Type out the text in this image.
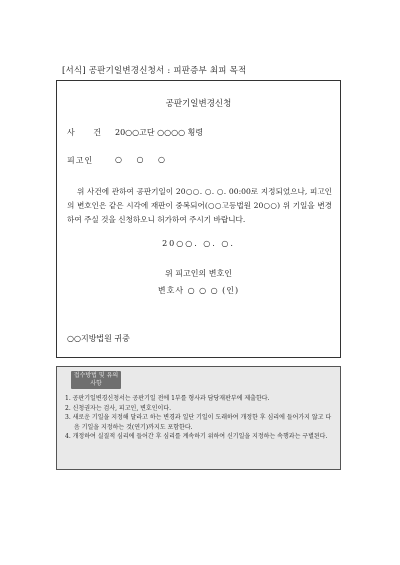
[서식] 공판기일변경신청서 : 피판증부 최피 목적
공판기일변경신청
사 건 20○○고단 ○○○○ 횡령
피고인	○ ○ ○
위 사건에 관하여 공판기일이 20○○. ○. ○. 00:00로 지정되었으나, 피고인의 변호인은 같은 시각에 재판이 중복되어(○○고등법원 20○○) 위 기일을 변경하여 주실 것을 신청하오니 허가하여 주시기 바랍니다.
20○○. ○. ○.
위 피고인의 변호인
변호사 ○ ○ ○ (인)
○○지방법원 귀중
접수방법 및 유의사항
1. 공판기일변경신청서는 공판기일 전에 1부를 형사과 담당재판부에 제출한다.
2. 신청권자는 검사, 피고인, 변호인이다.
3. 새로운 기일을 지정해 달라고 하는 변경과 일단 기일이 도래하여 개정한 후 심리에 들어가지 않고 다음 기일을 지정하는 것(연기)까지도 포함한다.
4. 개정하여 실질적 심리에 들어간 후 심리를 계속하기 위하여 신기일을 지정하는 속행과는 구별된다.
